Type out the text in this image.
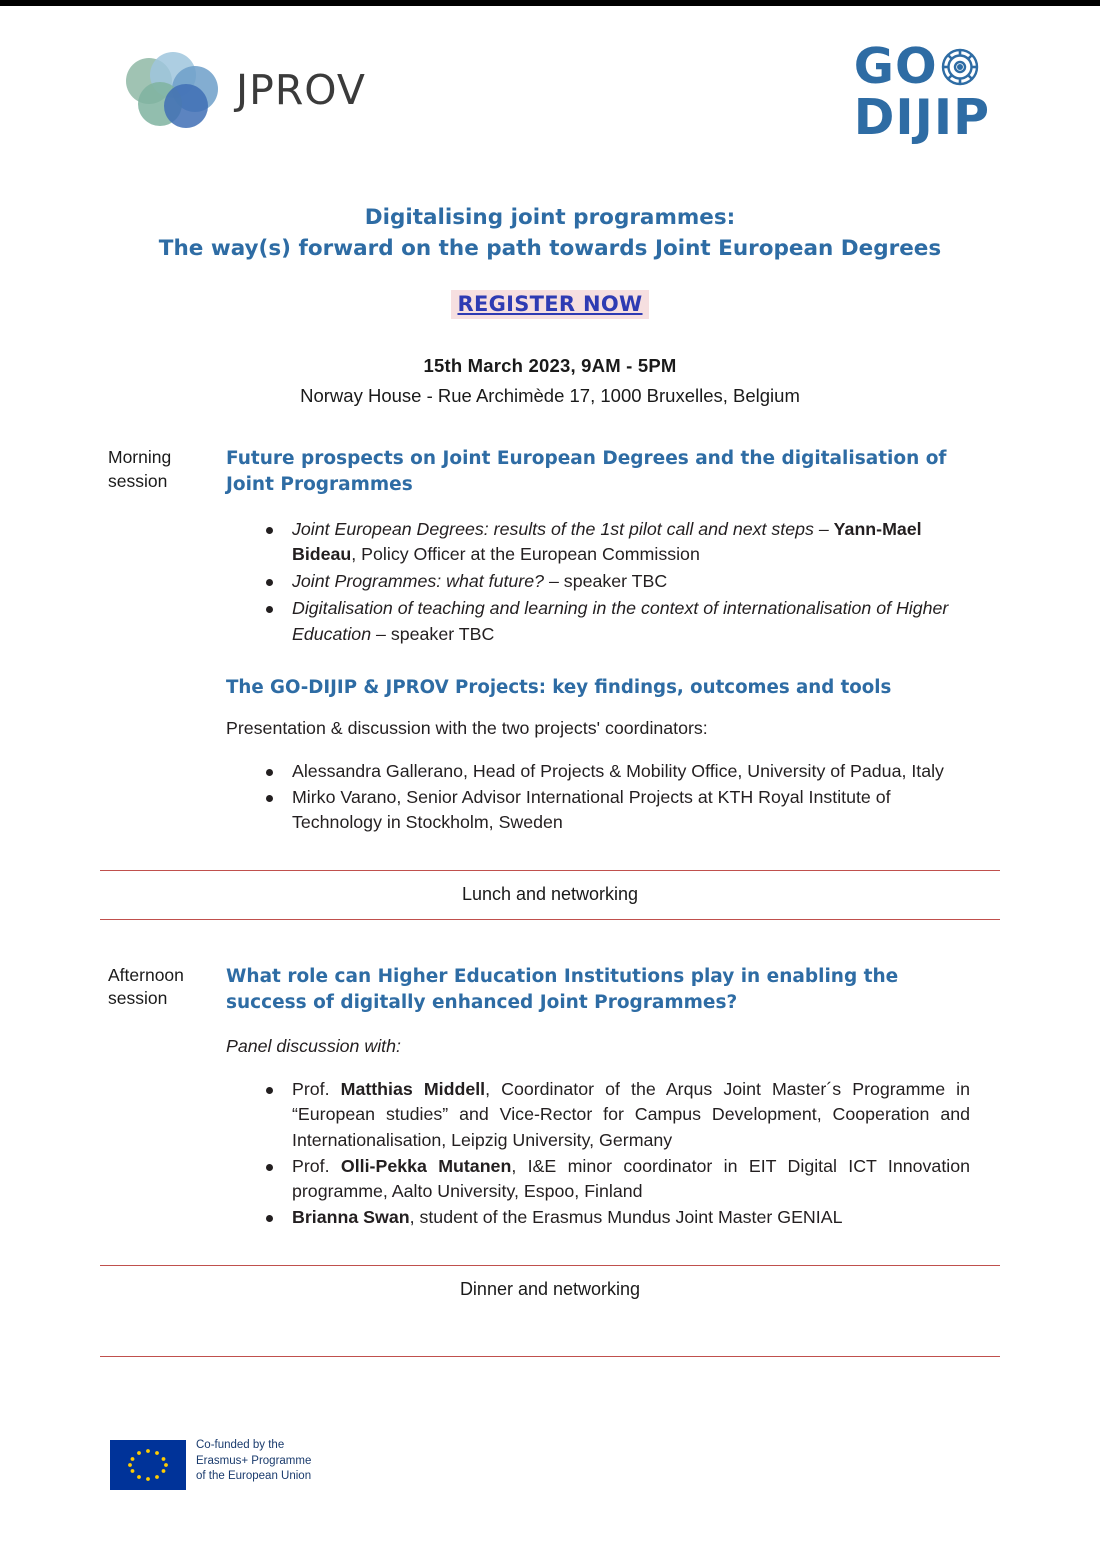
JPROV	GO
DIJIP
Digitalising joint programmes:
The way(s) forward on the path towards Joint European Degrees
REGISTER NOW
15th March 2023, 9AM - 5PM
Norway House - Rue Archimède 17, 1000 Bruxelles, Belgium
Morning session
Future prospects on Joint European Degrees and the digitalisation of Joint Programmes
Joint European Degrees: results of the 1st pilot call and next steps – Yann-Mael Bideau, Policy Officer at the European Commission
Joint Programmes: what future? – speaker TBC
Digitalisation of teaching and learning in the context of internationalisation of Higher Education – speaker TBC
The GO-DIJIP & JPROV Projects: key findings, outcomes and tools
Presentation & discussion with the two projects' coordinators:
Alessandra Gallerano, Head of Projects & Mobility Office, University of Padua, Italy
Mirko Varano, Senior Advisor International Projects at KTH Royal Institute of Technology in Stockholm, Sweden
Lunch and networking
Afternoon session
What role can Higher Education Institutions play in enabling the success of digitally enhanced Joint Programmes?
Panel discussion with:
Prof. Matthias Middell, Coordinator of the Arqus Joint Master´s Programme in “European studies” and Vice-Rector for Campus Development, Cooperation and Internationalisation, Leipzig University, Germany
Prof. Olli-Pekka Mutanen, I&E minor coordinator in EIT Digital ICT Innovation programme, Aalto University, Espoo, Finland
Brianna Swan, student of the Erasmus Mundus Joint Master GENIAL
Dinner and networking
Co-funded by the
Erasmus+ Programme
of the European Union
